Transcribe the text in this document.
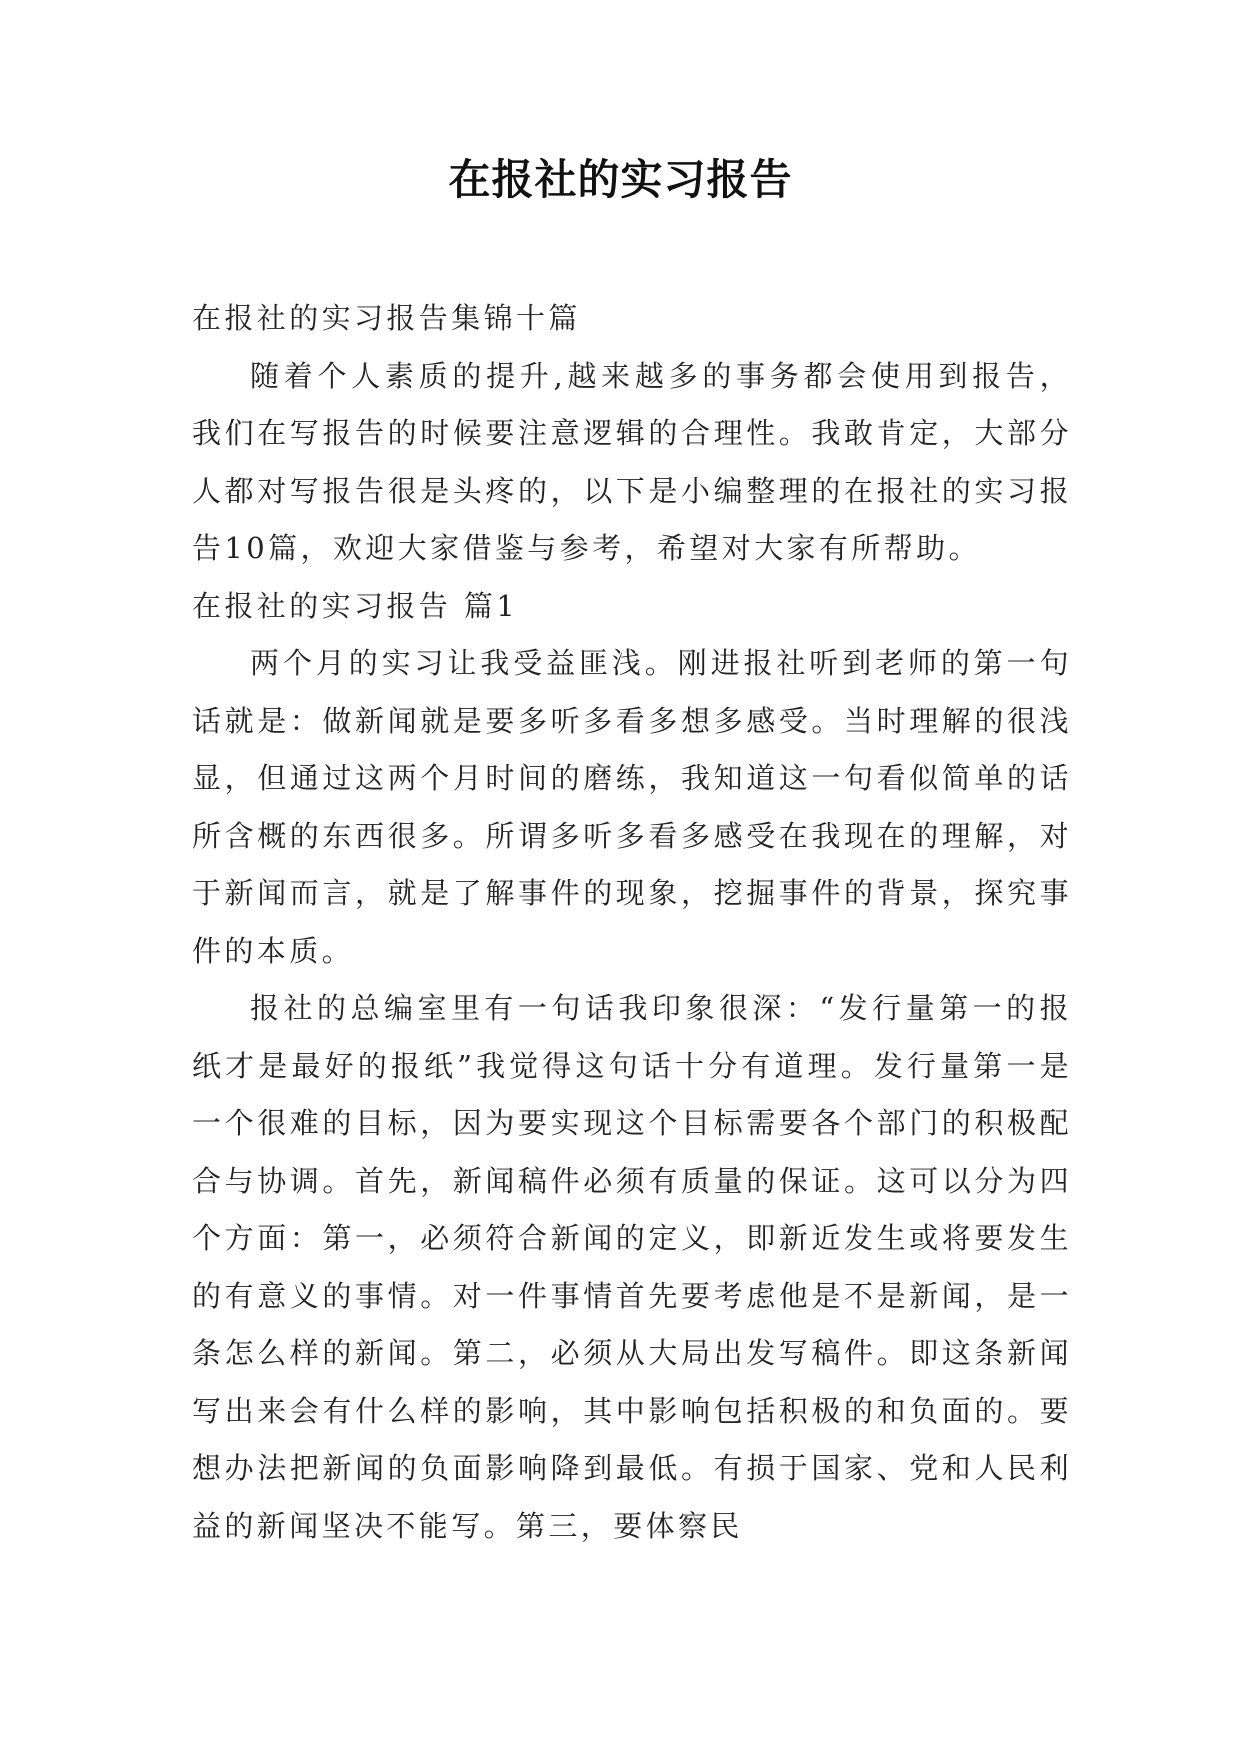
在报社的实习报告

在报社的实习报告集锦十篇

随着个人素质的提升,越来越多的事务都会使用到报告，我们在写报告的时候要注意逻辑的合理性。我敢肯定，大部分人都对写报告很是头疼的，以下是小编整理的在报社的实习报告10篇，欢迎大家借鉴与参考，希望对大家有所帮助。

在报社的实习报告 篇1

两个月的实习让我受益匪浅。刚进报社听到老师的第一句话就是：做新闻就是要多听多看多想多感受。当时理解的很浅显，但通过这两个月时间的磨练，我知道这一句看似简单的话所含概的东西很多。所谓多听多看多感受在我现在的理解，对于新闻而言，就是了解事件的现象，挖掘事件的背景，探究事件的本质。

报社的总编室里有一句话我印象很深：“发行量第一的报纸才是最好的报纸”我觉得这句话十分有道理。发行量第一是一个很难的目标，因为要实现这个目标需要各个部门的积极配合与协调。首先，新闻稿件必须有质量的保证。这可以分为四个方面：第一，必须符合新闻的定义，即新近发生或将要发生的有意义的事情。对一件事情首先要考虑他是不是新闻，是一条怎么样的新闻。第二，必须从大局出发写稿件。即这条新闻写出来会有什么样的影响，其中影响包括积极的和负面的。要想办法把新闻的负面影响降到最低。有损于国家、党和人民利益的新闻坚决不能写。第三，要体察民
